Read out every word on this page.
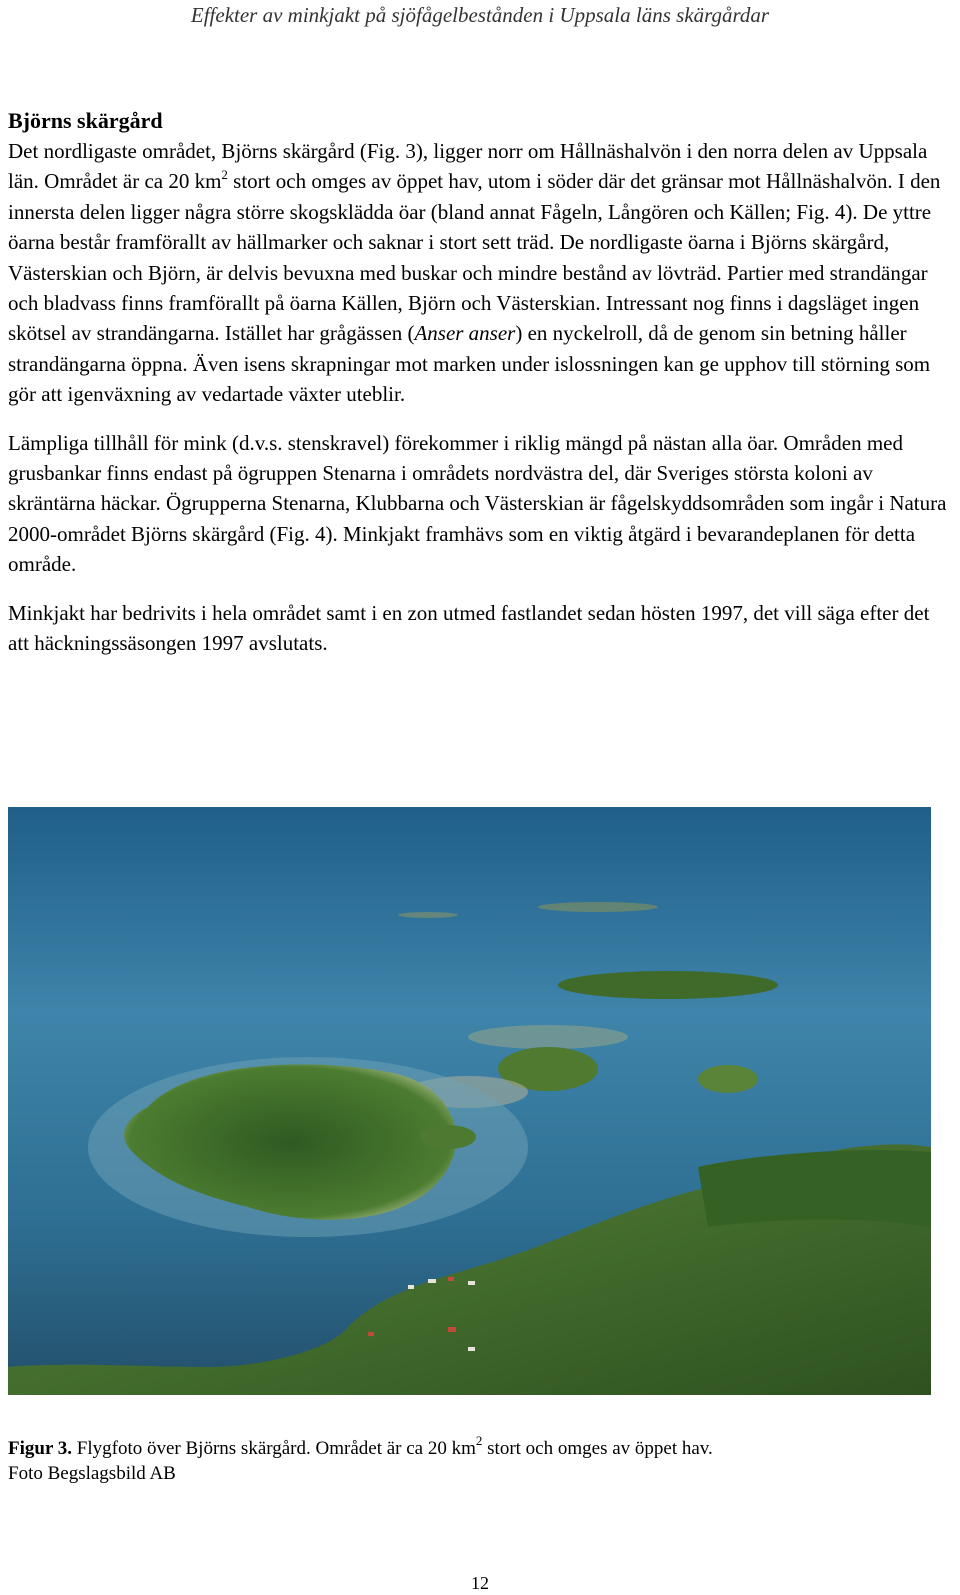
Effekter av minkjakt på sjöfågelbestånden i Uppsala läns skärgårdar
Björns skärgård

Det nordligaste området, Björns skärgård (Fig. 3), ligger norr om Hållnäshalvön i den norra delen av Uppsala län. Området är ca 20 $km^2$ stort och omges av öppet hav, utom i söder där det gränsar mot Hållnäshalvön. I den innersta delen ligger några större skogsklädda öar (bland annat Fågeln, Långören och Källen; Fig. 4). De yttre öarna består framförallt av hällmarker och saknar i stort sett träd. De nordligaste öarna i Björns skärgård, Västerskian och Björn, är delvis bevuxna med buskar och mindre bestånd av lövträd. Partier med strandängar och bladvass finns framförallt på öarna Källen, Björn och Västerskian. Intressant nog finns i dagsläget ingen skötsel av strandängarna. Istället har grågässen (Anser anser) en nyckelroll, då de genom sin betning håller strandängarna öppna. Även isens skrapningar mot marken under islossningen kan ge upphov till störning som gör att igenväxning av vedartade växter uteblir.

Lämpliga tillhåll för mink (d.v.s. stenskravel) förekommer i riklig mängd på nästan alla öar. Områden med grusbankar finns endast på ögruppen Stenarna i områdets nordvästra del, där Sveriges största koloni av skräntärna häckar. Ögrupperna Stenarna, Klubbarna och Västerskian är fågelskyddsområden som ingår i Natura 2000-området Björns skärgård (Fig. 4). Minkjakt framhävs som en viktig åtgärd i bevarandeplanen för detta område.

Minkjakt har bedrivits i hela området samt i en zon utmed fastlandet sedan hösten 1997, det vill säga efter det att häckningssäsongen 1997 avslutats.

Figur 3. Flygfoto över Björns skärgård. Området är ca 20 $km^2$ stort och omges av öppet hav.
Foto Begslagsbild AB
12
